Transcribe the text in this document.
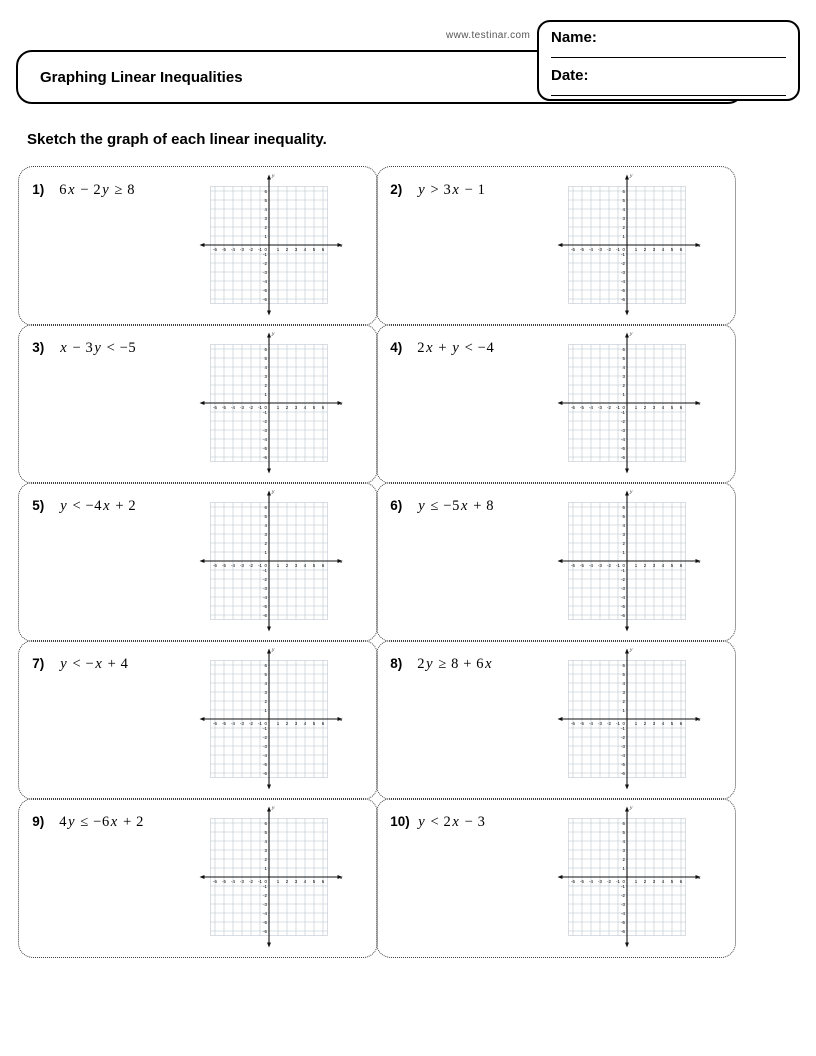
www.testinar.com
Graphing Linear Inequalities
Name:
Date:
Sketch the graph of each linear inequality.
1)	6x − 2y ≥ 8
-6 -5 -4 -3 -2 -1	1 2 3 4 5 6
-6
-5
-4
-3
-2
-1
1
2
3
4
5
6
0
y
x
2)	y > 3x − 1
-6 -5 -4 -3 -2 -1	1 2 3 4 5 6
-6
-5
-4
-3
-2
-1
1
2
3
4
5
6
0
y
x
3)	x − 3y < −5
-6 -5 -4 -3 -2 -1	1 2 3 4 5 6
-6
-5
-4
-3
-2
-1
1
2
3
4
5
6
0
y
x
4)	2x + y < −4
-6 -5 -4 -3 -2 -1	1 2 3 4 5 6
-6
-5
-4
-3
-2
-1
1
2
3
4
5
6
0
y
x
5)	y < −4x + 2
-6 -5 -4 -3 -2 -1	1 2 3 4 5 6
-6
-5
-4
-3
-2
-1
1
2
3
4
5
6
0
y
x
6)	y ≤ −5x + 8
-6 -5 -4 -3 -2 -1	1 2 3 4 5 6
-6
-5
-4
-3
-2
-1
1
2
3
4
5
6
0
y
x
7)	y < −x + 4
-6 -5 -4 -3 -2 -1	1 2 3 4 5 6
-6
-5
-4
-3
-2
-1
1
2
3
4
5
6
0
y
x
8)	2y ≥ 8 + 6x
-6 -5 -4 -3 -2 -1	1 2 3 4 5 6
-6
-5
-4
-3
-2
-1
1
2
3
4
5
6
0
y
x
9)	4y ≤ −6x + 2
-6 -5 -4 -3 -2 -1	1 2 3 4 5 6
-6
-5
-4
-3
-2
-1
1
2
3
4
5
6
0
y
x
10) y < 2x − 3
-6 -5 -4 -3 -2 -1	1 2 3 4 5 6
-6
-5
-4
-3
-2
-1
1
2
3
4
5
6
0
y
x
